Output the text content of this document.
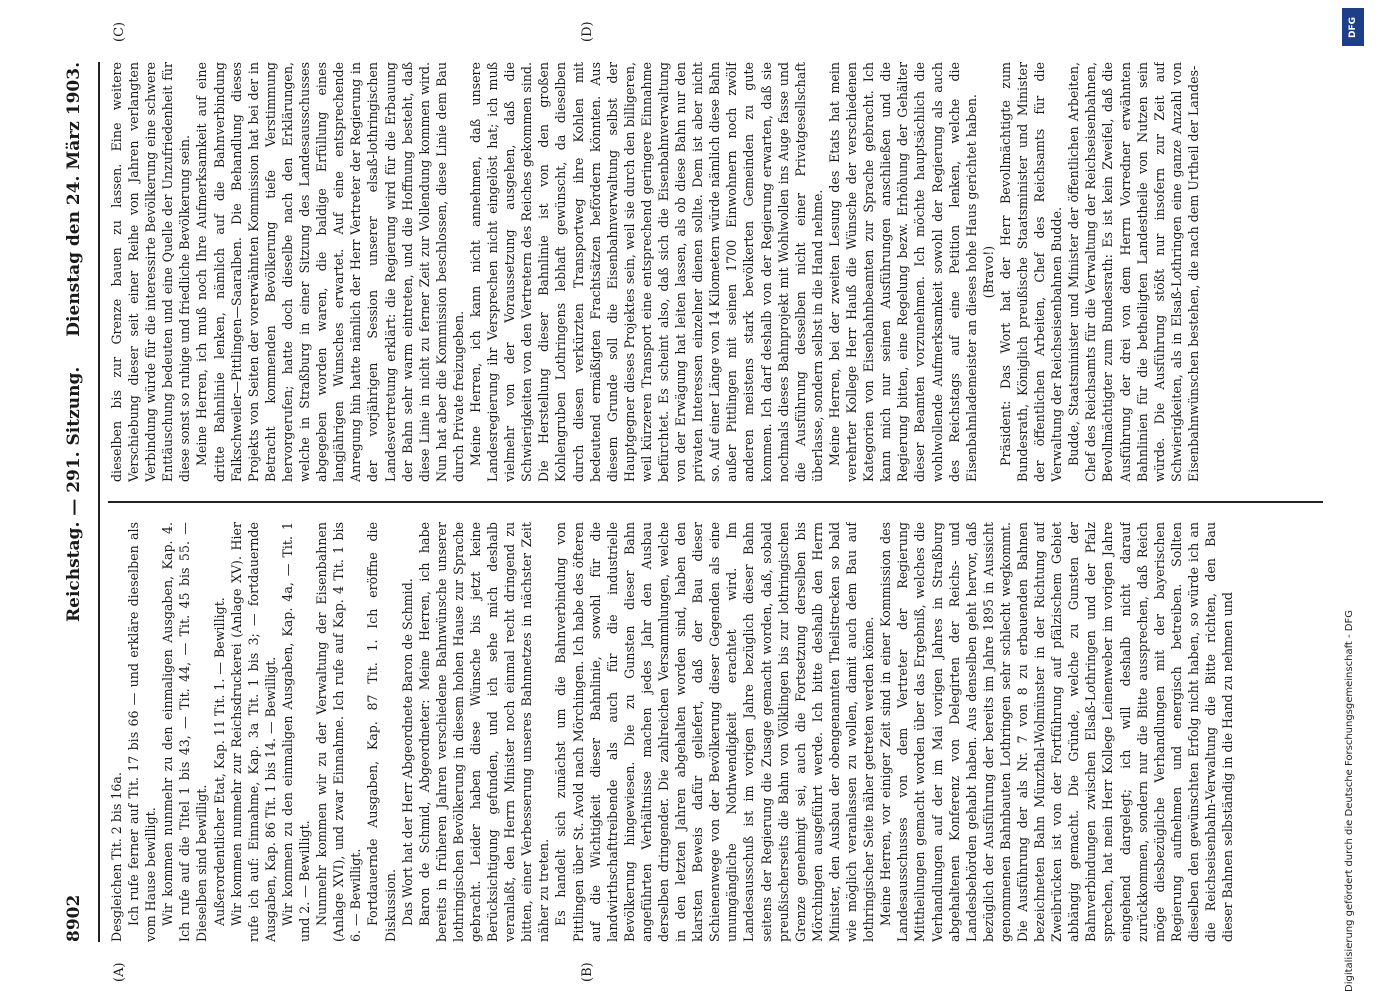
8902
Reichstag. — 291. Sitzung.
Dienstag den 24. März 1903.
(A)	(B)
(C)	(D)

Desgleichen Tit. 2 bis 16a. Ich rufe ferner auf Tit. 17 bis 66 — und erkläre dieselben als vom Hause bewilligt. Wir kommen nunmehr zu den einmaligen Ausgaben, Kap. 4. Ich rufe auf die Titel 1 bis 43, — Tit. 44, — Tit. 45 bis 55. — Dieselben sind bewilligt. Außerordentlicher Etat, Kap. 11 Tit. 1. — Bewilligt. Wir kommen nunmehr zur Reichsdruckerei (Anlage XV). Hier rufe ich auf: Einnahme, Kap. 3a Tit. 1 bis 3; — fortdauernde Ausgaben, Kap. 86 Tit. 1 bis 14. — Bewilligt. Wir kommen zu den einmaligen Ausgaben, Kap. 4a, — Tit. 1 und 2. — Bewilligt. Nunmehr kommen wir zu der Verwaltung der Eisenbahnen (Anlage XVI), und zwar Einnahme. Ich rufe auf Kap. 4 Tit. 1 bis 6. — Bewilligt. Fortdauernde Ausgaben, Kap. 87 Tit. 1. Ich eröffne die Diskussion. Das Wort hat der Herr Abgeordnete Baron de Schmid. Baron de Schmid, Abgeordneter: Meine Herren, ich habe bereits in früheren Jahren verschiedene Bahnwünsche unserer lothringischen Bevölkerung in diesem hohen Hause zur Sprache gebracht. Leider haben diese Wünsche bis jetzt keine Berücksichtigung gefunden, und ich sehe mich deshalb veranlaßt, den Herrn Minister noch einmal recht dringend zu bitten, einer Verbesserung unseres Bahnnetzes in nächster Zeit näher zu treten. Es handelt sich zunächst um die Bahnverbindung von Pittlingen über St. Avold nach Mörchingen. Ich habe des öfteren auf die Wichtigkeit dieser Bahnlinie, sowohl für die landwirthschafttreibende als auch für die industrielle Bevölkerung hingewiesen. Die zu Gunsten dieser Bahn angeführten Verhältnisse machen jedes Jahr den Ausbau derselben dringender. Die zahlreichen Versammlungen, welche in den letzten Jahren abgehalten worden sind, haben den klarsten Beweis dafür geliefert, daß der Bau dieser Schienenwege von der Bevölkerung dieser Gegenden als eine unumgängliche Nothwendigkeit erachtet wird. Im Landesausschuß ist im vorigen Jahre bezüglich dieser Bahn seitens der Regierung die Zusage gemacht worden, daß, sobald preußischerseits die Bahn von Völklingen bis zur lothringischen Grenze genehmigt sei, auch die Fortsetzung derselben bis Mörchingen ausgeführt werde. Ich bitte deshalb den Herrn Minister, den Ausbau der obengenannten Theilstrecken so bald wie möglich veranlassen zu wollen, damit auch dem Bau auf lothringischer Seite näher getreten werden könne. Meine Herren, vor einiger Zeit sind in einer Kommission des Landesausschusses von dem Vertreter der Regierung Mittheilungen gemacht worden über das Ergebniß, welches die Verhandlungen auf der im Mai vorigen Jahres in Straßburg abgehaltenen Konferenz von Delegirten der Reichs- und Landesbehörden gehabt haben. Aus denselben geht hervor, daß bezüglich der Ausführung der bereits im Jahre 1895 in Aussicht genommenen Bahnbauten Lothringen sehr schlecht wegkommt. Die Ausführung der als Nr. 7 von 8 zu erbauenden Bahnen bezeichneten Bahn Münzthal-Wolmünster in der Richtung auf Zweibrücken ist von der Fortführung auf pfälzischem Gebiet abhängig gemacht. Die Gründe, welche zu Gunsten der Bahnverbindungen zwischen Elsaß-Lothringen und der Pfalz sprechen, hat mein Herr Kollege Leinenweber im vorigen Jahre eingehend dargelegt; ich will deshalb nicht darauf zurückkommen, sondern nur die Bitte aussprechen, daß Reich möge diesbezügliche Verhandlungen mit der bayerischen Regierung aufnehmen und energisch betreiben. Sollten dieselben den gewünschten Erfolg nicht haben, so würde ich an die Reichseisenbahn-Verwaltung die Bitte richten, den Bau dieser Bahnen selbständig in die Hand zu nehmen und

dieselben bis zur Grenze bauen zu lassen. Eine weitere Verschiebung dieser seit einer Reihe von Jahren verlangten Verbindung würde für die interessirte Bevölkerung eine schwere Enttäuschung bedeuten und eine Quelle der Unzufriedenheit für diese sonst so ruhige und friedliche Bevölkerung sein. Meine Herren, ich muß noch Ihre Aufmerksamkeit auf eine dritte Bahnlinie lenken, nämlich auf die Bahnverbindung Falkschweiler—Pittlingen—Saaralben. Die Behandlung dieses Projekts von Seiten der vorerwähnten Kommission hat bei der in Betracht kommenden Bevölkerung tiefe Verstimmung hervorgerufen; hatte doch dieselbe nach den Erklärungen, welche in Straßburg in einer Sitzung des Landesausschusses abgegeben worden waren, die baldige Erfüllung eines langjährigen Wunsches erwartet. Auf eine entsprechende Anregung hin hatte nämlich der Herr Vertreter der Regierung in der vorjährigen Session unserer elsaß-lothringischen Landesvertretung erklärt: die Regierung wird für die Erbauung der Bahn sehr warm eintreten, und die Hoffnung besteht, daß diese Linie in nicht zu ferner Zeit zur Vollendung kommen wird. Nun hat aber die Kommission beschlossen, diese Linie dem Bau durch Private freizugeben. Meine Herren, ich kann nicht annehmen, daß unsere Landesregierung ihr Versprechen nicht eingelöst hat; ich muß vielmehr von der Voraussetzung ausgehen, daß die Schwierigkeiten von den Vertretern des Reiches gekommen sind. Die Herstellung dieser Bahnlinie ist von den großen Kohlengruben Lothringens lebhaft gewünscht, da dieselben durch diesen verkürzten Transportweg ihre Kohlen mit bedeutend ermäßigten Frachtsätzen befördern könnten. Aus diesem Grunde soll die Eisenbahnverwaltung selbst der Hauptgegner dieses Projektes sein, weil sie durch den billigeren, weil kürzeren Transport eine entsprechend geringere Einnahme befürchtet. Es scheint also, daß sich die Eisenbahnverwaltung von der Erwägung hat leiten lassen, als ob diese Bahn nur den privaten Interessen einzelner dienen sollte. Dem ist aber nicht so. Auf einer Länge von 14 Kilometern würde nämlich diese Bahn außer Pittlingen mit seinen 1700 Einwohnern noch zwölf anderen meistens stark bevölkerten Gemeinden zu gute kommen. Ich darf deshalb von der Regierung erwarten, daß sie nochmals dieses Bahnprojekt mit Wohlwollen ins Auge fasse und die Ausführung desselben nicht einer Privatgesellschaft überlasse, sondern selbst in die Hand nehme. Meine Herren, bei der zweiten Lesung des Etats hat mein verehrter Kollege Herr Hauß die Wünsche der verschiedenen Kategorien von Eisenbahnbeamten zur Sprache gebracht. Ich kann mich nur seinen Ausführungen anschließen und die Regierung bitten, eine Regelung bezw. Erhöhung der Gehälter dieser Beamten vorzunehmen. Ich möchte hauptsächlich die wohlwollende Aufmerksamkeit sowohl der Regierung als auch des Reichstags auf eine Petition lenken, welche die Eisenbahnlademeister an dieses hohe Haus gerichtet haben. (Bravo!) Präsident: Das Wort hat der Herr Bevollmächtigte zum Bundesrath, Königlich preußische Staatsminister und Minister der öffentlichen Arbeiten, Chef des Reichsamts für die Verwaltung der Reichseisenbahnen Budde. Budde, Staatsminister und Minister der öffentlichen Arbeiten, Chef des Reichsamts für die Verwaltung der Reichseisenbahnen, Bevollmächtigter zum Bundesrath: Es ist kein Zweifel, daß die Ausführung der drei von dem Herrn Vorredner erwähnten Bahnlinien für die betheiligten Landestheile von Nutzen sein würde. Die Ausführung stößt nur insofern zur Zeit auf Schwierigkeiten, als in Elsaß-Lothringen eine ganze Anzahl von Eisenbahnwünschen bestehen, die nach dem Urtheil der Landes-

DFG
Digitalisierung gefördert durch die Deutsche Forschungsgemeinschaft - DFG
